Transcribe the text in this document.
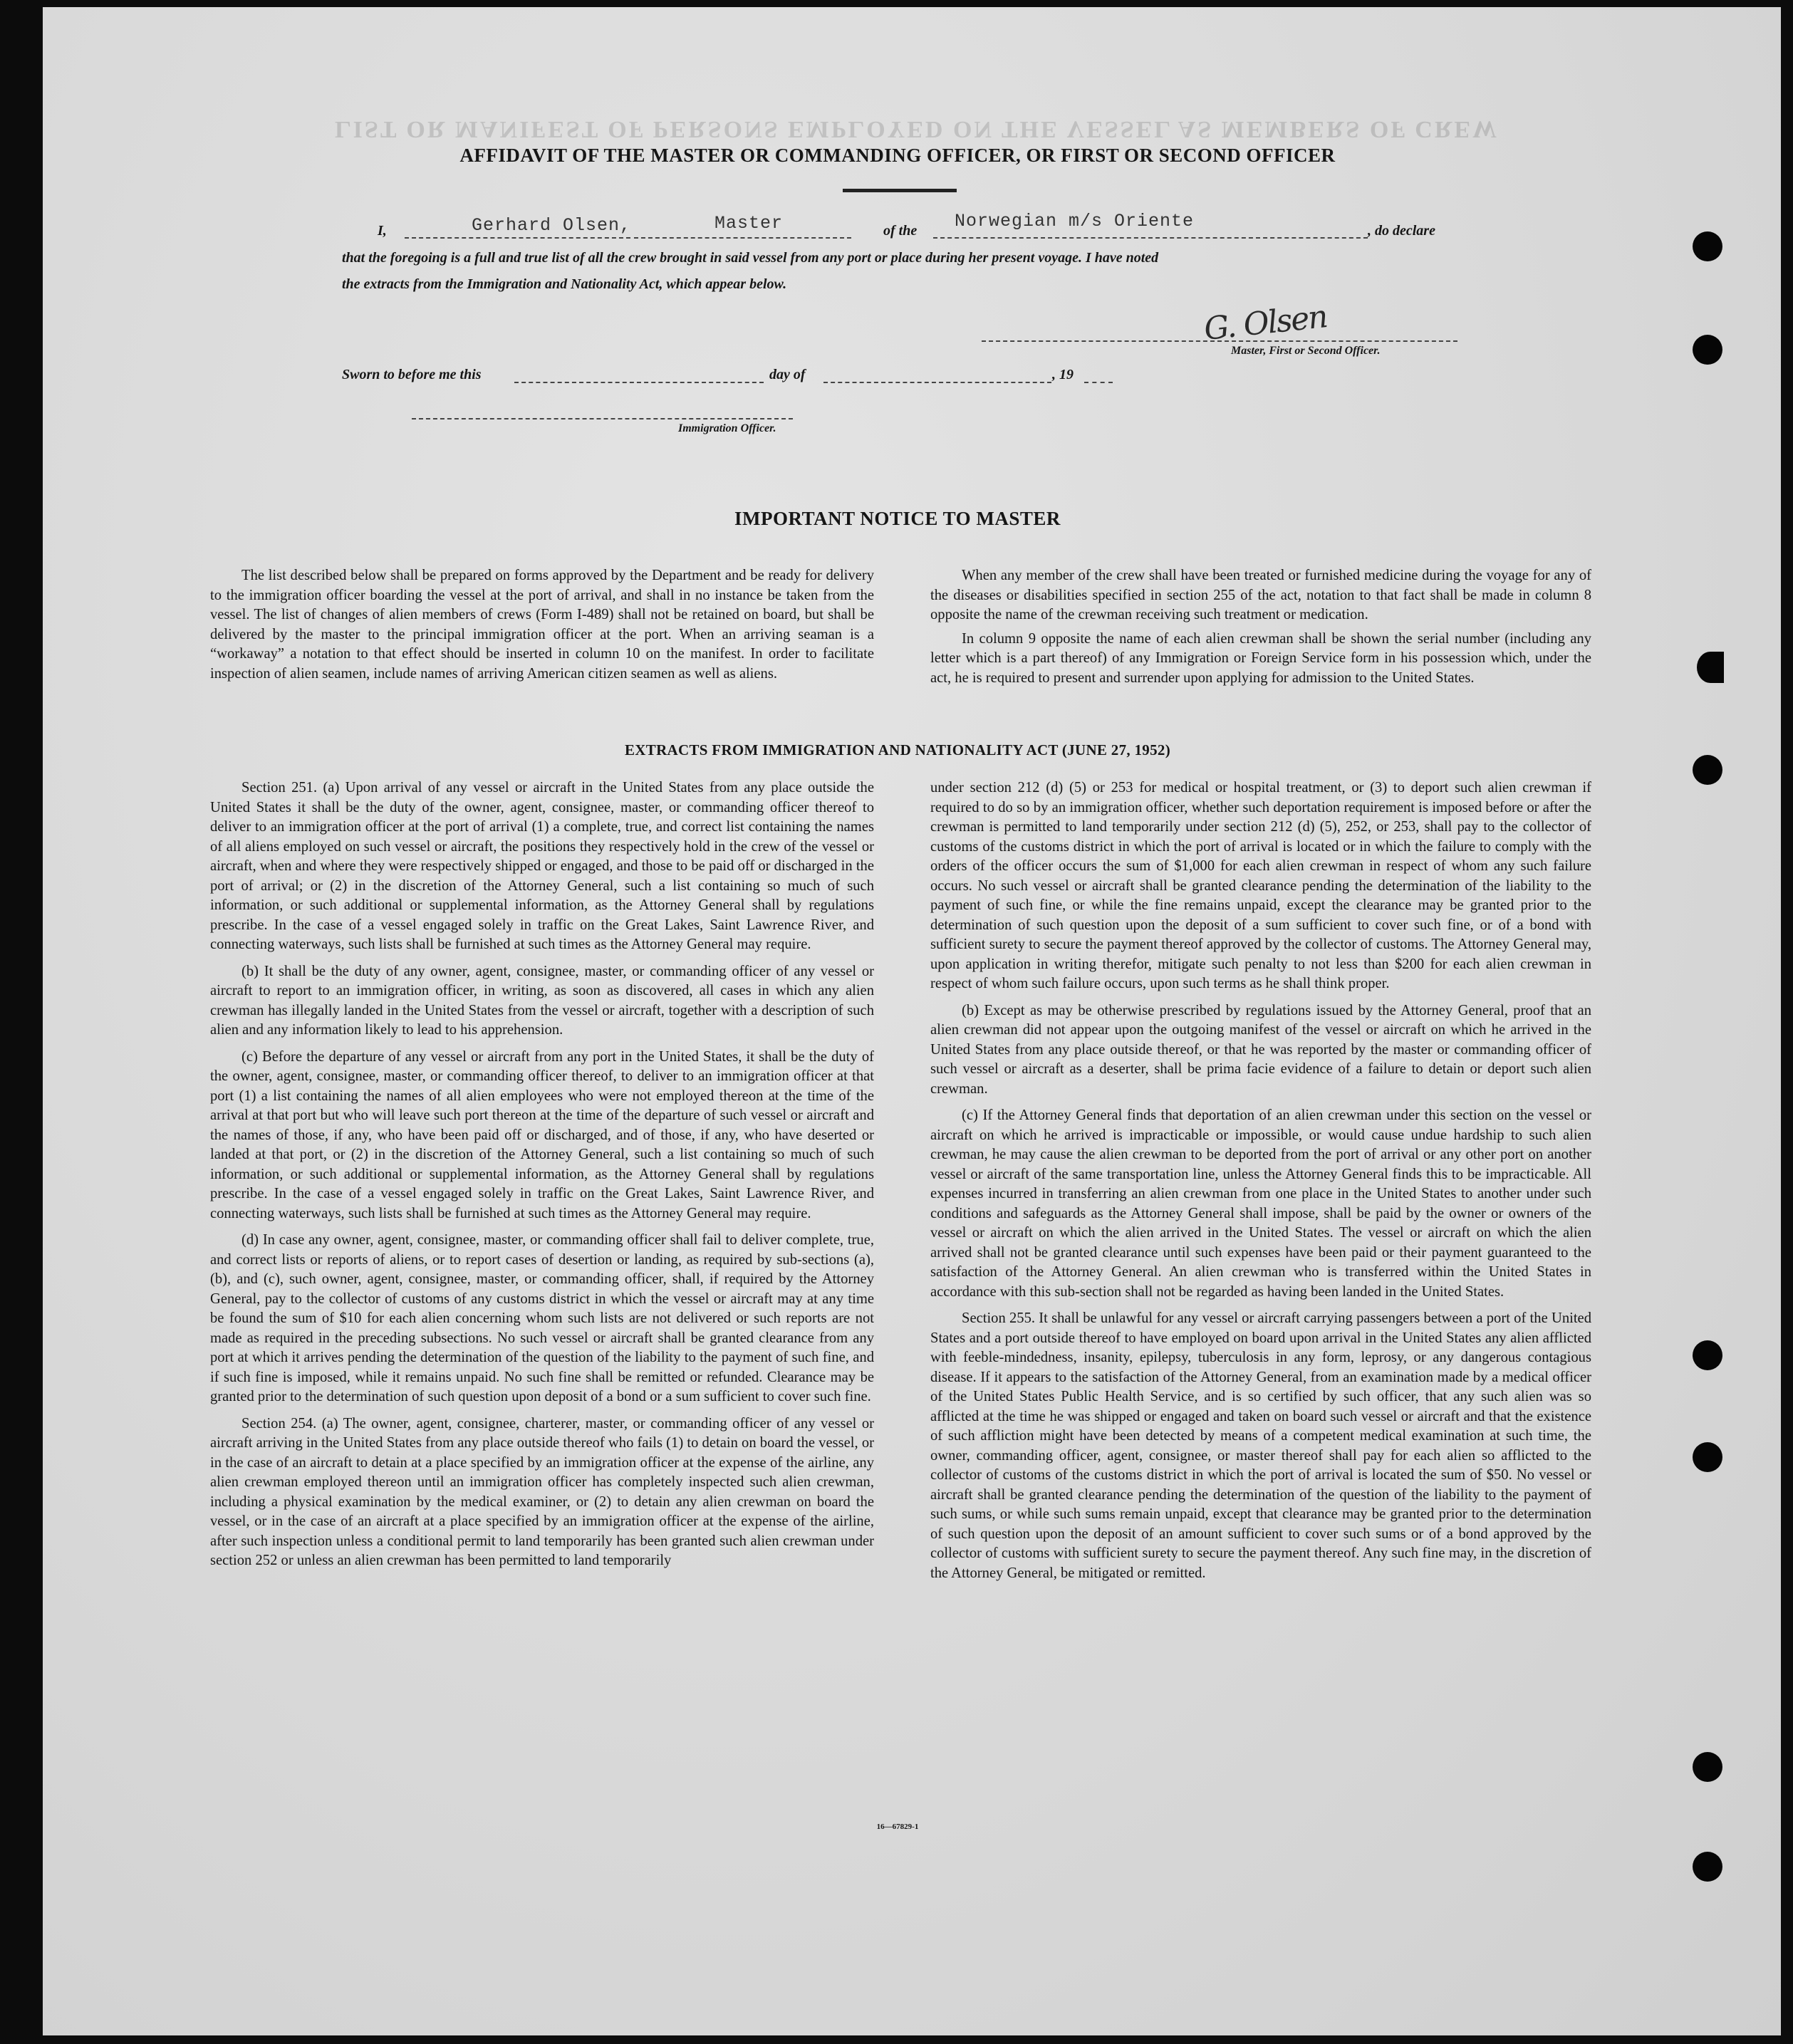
LIST OR MANIFEST OF PERSONS EMPLOYED ON THE VESSEL AS MEMBERS OF CREW
AFFIDAVIT OF THE MASTER OR COMMANDING OFFICER, OR FIRST OR SECOND OFFICER
I,	Gerhard Olsen,	Master	of the Norwegian m/s Oriente	, do declare
that the foregoing is a full and true list of all the crew brought in said vessel from any port or place during her present voyage. I have noted
the extracts from the Immigration and Nationality Act, which appear below.
G. Olsen
Master, First or Second Officer.
Sworn to before me this	day of	, 19
Immigration Officer.
IMPORTANT NOTICE TO MASTER

The list described below shall be prepared on forms approved by the Department and be ready for delivery to the immigration officer boarding the vessel at the port of arrival, and shall in no instance be taken from the vessel. The list of changes of alien members of crews (Form I-489) shall not be retained on board, but shall be delivered by the master to the principal immigration officer at the port. When an arriving seaman is a “workaway” a notation to that effect should be inserted in column 10 on the manifest. In order to facilitate inspection of alien seamen, include names of arriving American citizen seamen as well as aliens.

When any member of the crew shall have been treated or furnished medicine during the voyage for any of the diseases or disabilities specified in section 255 of the act, notation to that fact shall be made in column 8 opposite the name of the crewman receiving such treatment or medication.

In column 9 opposite the name of each alien crewman shall be shown the serial number (including any letter which is a part thereof) of any Immigration or Foreign Service form in his possession which, under the act, he is required to present and surrender upon applying for admission to the United States.

EXTRACTS FROM IMMIGRATION AND NATIONALITY ACT (JUNE 27, 1952)

Section 251. (a) Upon arrival of any vessel or aircraft in the United States from any place outside the United States it shall be the duty of the owner, agent, consignee, master, or commanding officer thereof to deliver to an immigration officer at the port of arrival (1) a complete, true, and correct list containing the names of all aliens employed on such vessel or aircraft, the positions they respectively hold in the crew of the vessel or aircraft, when and where they were respectively shipped or engaged, and those to be paid off or discharged in the port of arrival; or (2) in the discretion of the Attorney General, such a list containing so much of such information, or such additional or supplemental information, as the Attorney General shall by regulations prescribe. In the case of a vessel engaged solely in traffic on the Great Lakes, Saint Lawrence River, and connecting waterways, such lists shall be furnished at such times as the Attorney General may require.

(b) It shall be the duty of any owner, agent, consignee, master, or commanding officer of any vessel or aircraft to report to an immigration officer, in writing, as soon as discovered, all cases in which any alien crewman has illegally landed in the United States from the vessel or aircraft, together with a description of such alien and any information likely to lead to his apprehension.

(c) Before the departure of any vessel or aircraft from any port in the United States, it shall be the duty of the owner, agent, consignee, master, or commanding officer thereof, to deliver to an immigration officer at that port (1) a list containing the names of all alien employees who were not employed thereon at the time of the arrival at that port but who will leave such port thereon at the time of the departure of such vessel or aircraft and the names of those, if any, who have been paid off or discharged, and of those, if any, who have deserted or landed at that port, or (2) in the discretion of the Attorney General, such a list containing so much of such information, or such additional or supplemental information, as the Attorney General shall by regulations prescribe. In the case of a vessel engaged solely in traffic on the Great Lakes, Saint Lawrence River, and connecting waterways, such lists shall be furnished at such times as the Attorney General may require.

(d) In case any owner, agent, consignee, master, or commanding officer shall fail to deliver complete, true, and correct lists or reports of aliens, or to report cases of desertion or landing, as required by sub-sections (a), (b), and (c), such owner, agent, consignee, master, or commanding officer, shall, if required by the Attorney General, pay to the collector of customs of any customs district in which the vessel or aircraft may at any time be found the sum of $10 for each alien concerning whom such lists are not delivered or such reports are not made as required in the preceding subsections. No such vessel or aircraft shall be granted clearance from any port at which it arrives pending the determination of the question of the liability to the payment of such fine, and if such fine is imposed, while it remains unpaid. No such fine shall be remitted or refunded. Clearance may be granted prior to the determination of such question upon deposit of a bond or a sum sufficient to cover such fine.

Section 254. (a) The owner, agent, consignee, charterer, master, or commanding officer of any vessel or aircraft arriving in the United States from any place outside thereof who fails (1) to detain on board the vessel, or in the case of an aircraft to detain at a place specified by an immigration officer at the expense of the airline, any alien crewman employed thereon until an immigration officer has completely inspected such alien crewman, including a physical examination by the medical examiner, or (2) to detain any alien crewman on board the vessel, or in the case of an aircraft at a place specified by an immigration officer at the expense of the airline, after such inspection unless a conditional permit to land temporarily has been granted such alien crewman under section 252 or unless an alien crewman has been permitted to land temporarily

under section 212 (d) (5) or 253 for medical or hospital treatment, or (3) to deport such alien crewman if required to do so by an immigration officer, whether such deportation requirement is imposed before or after the crewman is permitted to land temporarily under section 212 (d) (5), 252, or 253, shall pay to the collector of customs of the customs district in which the port of arrival is located or in which the failure to comply with the orders of the officer occurs the sum of $1,000 for each alien crewman in respect of whom any such failure occurs. No such vessel or aircraft shall be granted clearance pending the determination of the liability to the payment of such fine, or while the fine remains unpaid, except the clearance may be granted prior to the determination of such question upon the deposit of a sum sufficient to cover such fine, or of a bond with sufficient surety to secure the payment thereof approved by the collector of customs. The Attorney General may, upon application in writing therefor, mitigate such penalty to not less than $200 for each alien crewman in respect of whom such failure occurs, upon such terms as he shall think proper.

(b) Except as may be otherwise prescribed by regulations issued by the Attorney General, proof that an alien crewman did not appear upon the outgoing manifest of the vessel or aircraft on which he arrived in the United States from any place outside thereof, or that he was reported by the master or commanding officer of such vessel or aircraft as a deserter, shall be prima facie evidence of a failure to detain or deport such alien crewman.

(c) If the Attorney General finds that deportation of an alien crewman under this section on the vessel or aircraft on which he arrived is impracticable or impossible, or would cause undue hardship to such alien crewman, he may cause the alien crewman to be deported from the port of arrival or any other port on another vessel or aircraft of the same transportation line, unless the Attorney General finds this to be impracticable. All expenses incurred in transferring an alien crewman from one place in the United States to another under such conditions and safeguards as the Attorney General shall impose, shall be paid by the owner or owners of the vessel or aircraft on which the alien arrived in the United States. The vessel or aircraft on which the alien arrived shall not be granted clearance until such expenses have been paid or their payment guaranteed to the satisfaction of the Attorney General. An alien crewman who is transferred within the United States in accordance with this sub-section shall not be regarded as having been landed in the United States.

Section 255. It shall be unlawful for any vessel or aircraft carrying passengers between a port of the United States and a port outside thereof to have employed on board upon arrival in the United States any alien afflicted with feeble-mindedness, insanity, epilepsy, tuberculosis in any form, leprosy, or any dangerous contagious disease. If it appears to the satisfaction of the Attorney General, from an examination made by a medical officer of the United States Public Health Service, and is so certified by such officer, that any such alien was so afflicted at the time he was shipped or engaged and taken on board such vessel or aircraft and that the existence of such affliction might have been detected by means of a competent medical examination at such time, the owner, commanding officer, agent, consignee, or master thereof shall pay for each alien so afflicted to the collector of customs of the customs district in which the port of arrival is located the sum of $50. No vessel or aircraft shall be granted clearance pending the determination of the question of the liability to the payment of such sums, or while such sums remain unpaid, except that clearance may be granted prior to the determination of such question upon the deposit of an amount sufficient to cover such sums or of a bond approved by the collector of customs with sufficient surety to secure the payment thereof. Any such fine may, in the discretion of the Attorney General, be mitigated or remitted.

16—67829-1
